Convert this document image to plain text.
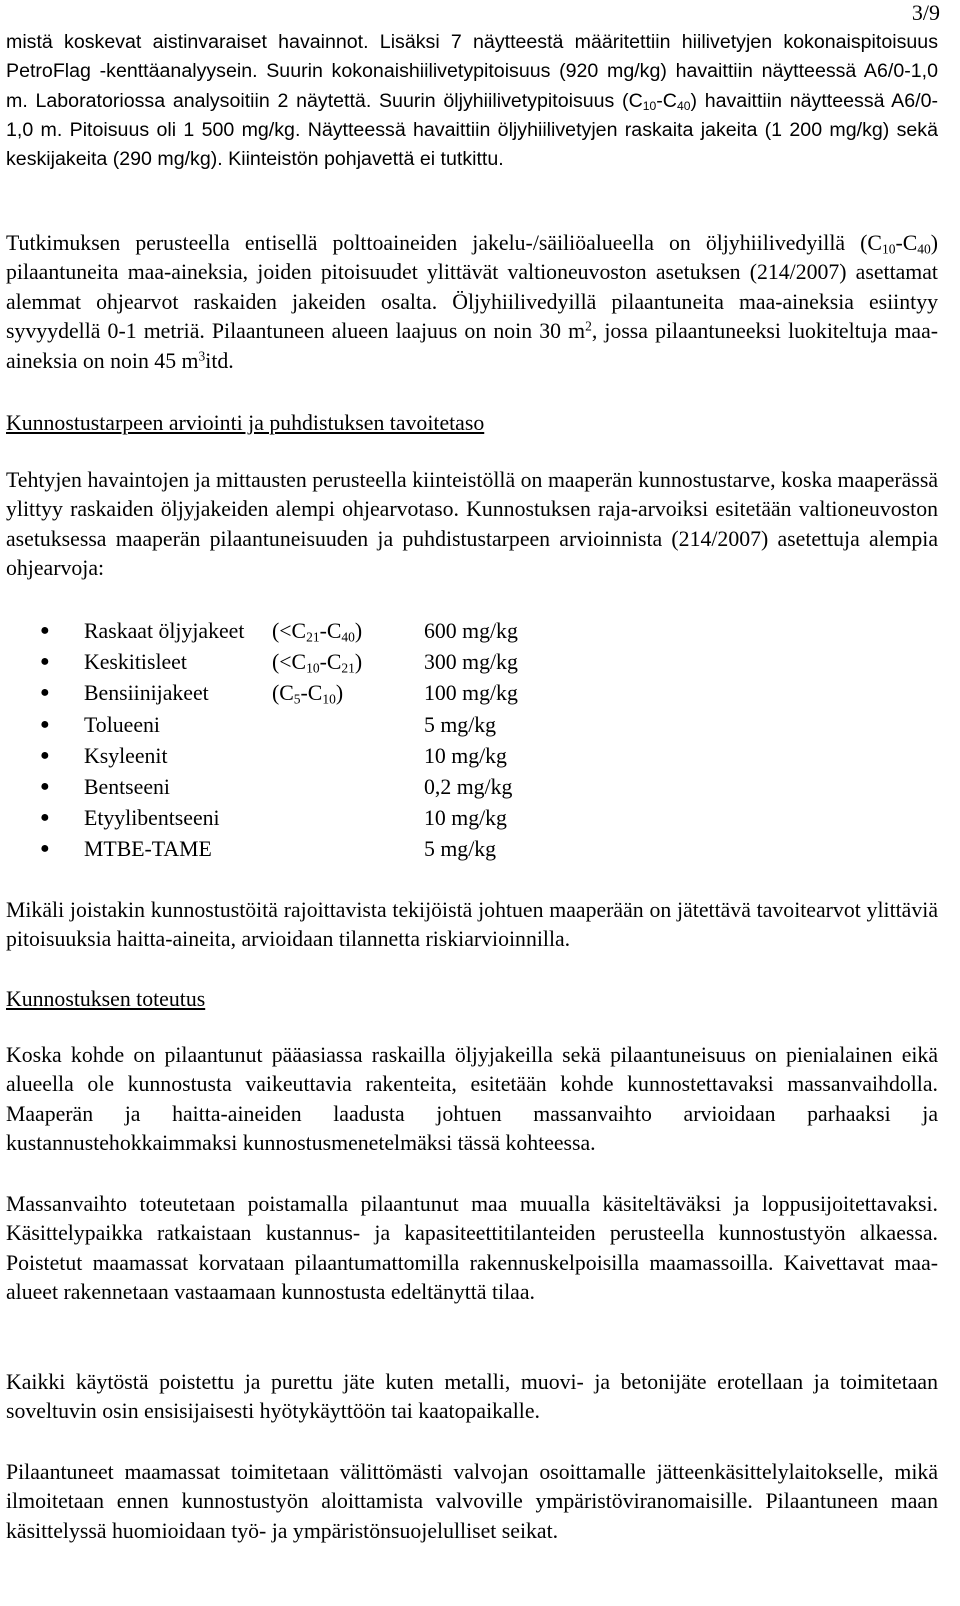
3/9

mistä koskevat aistinvaraiset havainnot. Lisäksi 7 näytteestä määritettiin hiilivetyjen kokonaispitoisuus PetroFlag -kenttäanalyysein. Suurin kokonaishiilivetypitoisuus (920 mg/kg) havaittiin näytteessä A6/0-1,0 m. Laboratoriossa analysoitiin 2 näytettä. Suurin öljyhiilivetypitoisuus $(C_{10}-C_{40})$ havaittiin näytteessä A6/0-1,0 m. Pitoisuus oli 1 500 mg/kg. Näytteessä havaittiin öljyhiilivetyjen raskaita jakeita (1 200 mg/kg) sekä keskijakeita (290 mg/kg). Kiinteistön pohjavettä ei tutkittu.

Tutkimuksen perusteella entisellä polttoaineiden jakelu-/säiliöalueella on öljyhiilivedyillä $(C_{10}-C_{40})$ pilaantuneita maa-aineksia, joiden pitoisuudet ylittävät valtioneuvoston asetuksen (214/2007) asettamat alemmat ohjearvot raskaiden jakeiden osalta. Öljyhiilivedyillä pilaantuneita maa-aineksia esiintyy syvyydellä 0-1 metriä. Pilaantuneen alueen laajuus on noin 30 $m^2$, jossa pilaantuneeksi luokiteltuja maa-aineksia on noin 45 $m^3itd$.

Kunnostustarpeen arviointi ja puhdistuksen tavoitetaso

Tehtyjen havaintojen ja mittausten perusteella kiinteistöllä on maaperän kunnostustarve, koska maaperässä ylittyy raskaiden öljyjakeiden alempi ohjearvotaso. Kunnostuksen raja-arvoiksi esitetään valtioneuvoston asetuksessa maaperän pilaantuneisuuden ja puhdistustarpeen arvioinnista (214/2007) asetettuja alempia ohjearvoja:

● Raskaat öljyjakeet $(<C_{21}-C_{40})$	600 mg/kg
● Keskitisleet	$(<C_{10}-C_{21})$	300 mg/kg
● Bensiinijakeet	$(C_5-C_{10})$	100 mg/kg
● Tolueeni	5 mg/kg
● Ksyleenit	10 mg/kg
● Bentseeni	0,2 mg/kg
● Etyylibentseeni	10 mg/kg
● MTBE-TAME	5 mg/kg

Mikäli joistakin kunnostustöitä rajoittavista tekijöistä johtuen maaperään on jätettävä tavoitearvot ylittäviä pitoisuuksia haitta-aineita, arvioidaan tilannetta riskiarvioinnilla.

Kunnostuksen toteutus

Koska kohde on pilaantunut pääasiassa raskailla öljyjakeilla sekä pilaantuneisuus on pienialainen eikä alueella ole kunnostusta vaikeuttavia rakenteita, esitetään kohde kunnostettavaksi massanvaihdolla. Maaperän ja haitta-aineiden laadusta johtuen massanvaihto arvioidaan parhaaksi ja kustannustehokkaimmaksi kunnostusmenetelmäksi tässä kohteessa.

Massanvaihto toteutetaan poistamalla pilaantunut maa muualla käsiteltäväksi ja loppusijoitettavaksi. Käsittelypaikka ratkaistaan kustannus- ja kapasiteettitilanteiden perusteella kunnostustyön alkaessa. Poistetut maamassat korvataan pilaantumattomilla rakennuskelpoisilla maamassoilla. Kaivettavat maa-alueet rakennetaan vastaamaan kunnostusta edeltänyttä tilaa.

Kaikki käytöstä poistettu ja purettu jäte kuten metalli, muovi- ja betonijäte erotellaan ja toimitetaan soveltuvin osin ensisijaisesti hyötykäyttöön tai kaatopaikalle.

Pilaantuneet maamassat toimitetaan välittömästi valvojan osoittamalle jätteenkäsittelylaitokselle, mikä ilmoitetaan ennen kunnostustyön aloittamista valvoville ympäristöviranomaisille. Pilaantuneen maan käsittelyssä huomioidaan työ- ja ympäristönsuojelulliset seikat.
